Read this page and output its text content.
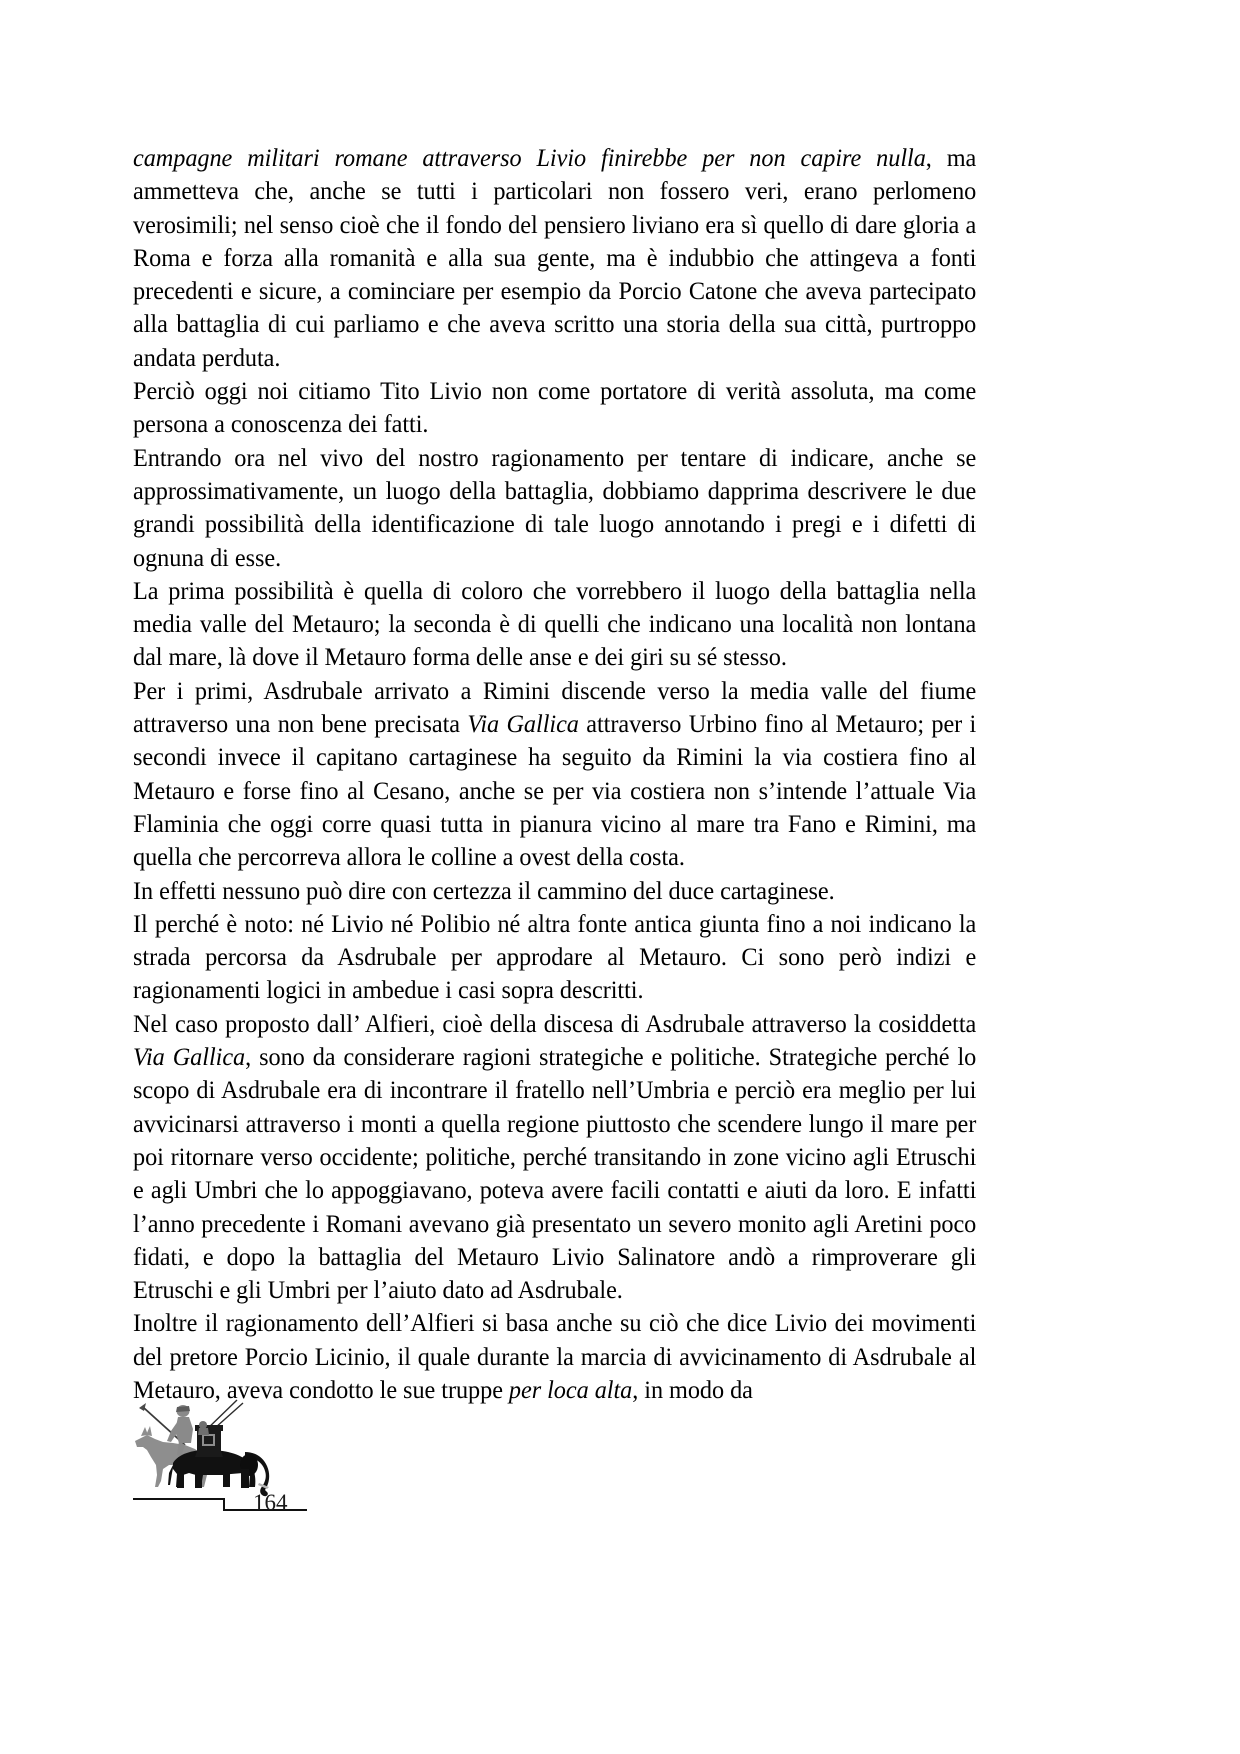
campagne militari romane attraverso Livio finirebbe per non capire nulla, ma ammetteva che, anche se tutti i particolari non fossero veri, erano perlomeno verosimili; nel senso cioè che il fondo del pensiero liviano era sì quello di dare gloria a Roma e forza alla romanità e alla sua gente, ma è indubbio che attingeva a fonti precedenti e sicure, a cominciare per esempio da Porcio Catone che aveva partecipato alla battaglia di cui parliamo e che aveva scritto una storia della sua città, purtroppo andata perduta.

Perciò oggi noi citiamo Tito Livio non come portatore di verità assoluta, ma come persona a conoscenza dei fatti.

Entrando ora nel vivo del nostro ragionamento per tentare di indicare, anche se approssimativamente, un luogo della battaglia, dobbiamo dapprima descrivere le due grandi possibilità della identificazione di tale luogo annotando i pregi e i difetti di ognuna di esse.

La prima possibilità è quella di coloro che vorrebbero il luogo della battaglia nella media valle del Metauro; la seconda è di quelli che indicano una località non lontana dal mare, là dove il Metauro forma delle anse e dei giri su sé stesso.

Per i primi, Asdrubale arrivato a Rimini discende verso la media valle del fiume attraverso una non bene precisata Via Gallica attraverso Urbino fino al Metauro; per i secondi invece il capitano cartaginese ha seguito da Rimini la via costiera fino al Metauro e forse fino al Cesano, anche se per via costiera non s’intende l’attuale Via Flaminia che oggi corre quasi tutta in pianura vicino al mare tra Fano e Rimini, ma quella che percorreva allora le colline a ovest della costa.

In effetti nessuno può dire con certezza il cammino del duce cartaginese.

Il perché è noto: né Livio né Polibio né altra fonte antica giunta fino a noi indicano la strada percorsa da Asdrubale per approdare al Metauro. Ci sono però indizi e ragionamenti logici in ambedue i casi sopra descritti.

Nel caso proposto dall’ Alfieri, cioè della discesa di Asdrubale attraverso la cosiddetta Via Gallica, sono da considerare ragioni strategiche e politiche. Strategiche perché lo scopo di Asdrubale era di incontrare il fratello nell’Umbria e perciò era meglio per lui avvicinarsi attraverso i monti a quella regione piuttosto che scendere lungo il mare per poi ritornare verso occidente; politiche, perché transitando in zone vicino agli Etruschi e agli Umbri che lo appoggiavano, poteva avere facili contatti e aiuti da loro. E infatti l’anno precedente i Romani avevano già presentato un severo monito agli Aretini poco fidati, e dopo la battaglia del Metauro Livio Salinatore andò a rimproverare gli Etruschi e gli Umbri per l’aiuto dato ad Asdrubale.

Inoltre il ragionamento dell’Alfieri si basa anche su ciò che dice Livio dei movimenti del pretore Porcio Licinio, il quale durante la marcia di avvicinamento di Asdrubale al Metauro, aveva condotto le sue truppe per loca alta, in modo da

164
